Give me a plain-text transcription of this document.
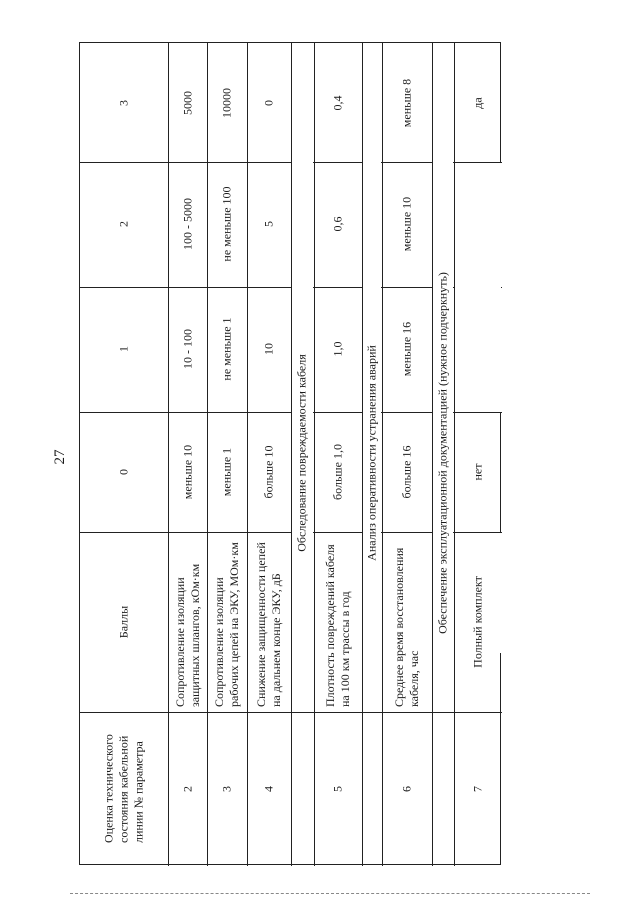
27
Оценка технического состояния кабельной линии № параметра
Баллы
0
1
2
3
2
Сопротивление изоляции защитных шлангов, кОм·км
меньше 10
10 - 100
100 - 5000
5000
3
Сопротивление изоляции рабочих цепей на ЭКУ, МОм·км
меньше 1
не меньше 1
не меньше 100
10000
4
Снижение защищенности цепей на дальнем конце ЭКУ, дБ
больше 10
10
5
0
Обследование повреждаемости кабеля
5
Плотность повреждений кабеля на 100 км трассы в год
больше 1,0
1,0
0,6
0,4
Анализ оперативности устранения аварий
6
Среднее время восстановления кабеля, час
больше 16
меньше 16
меньше 10
меньше 8
Обеспечение эксплуатационной документацией (нужное подчеркнуть)
7
Полный комплект
нет
да
